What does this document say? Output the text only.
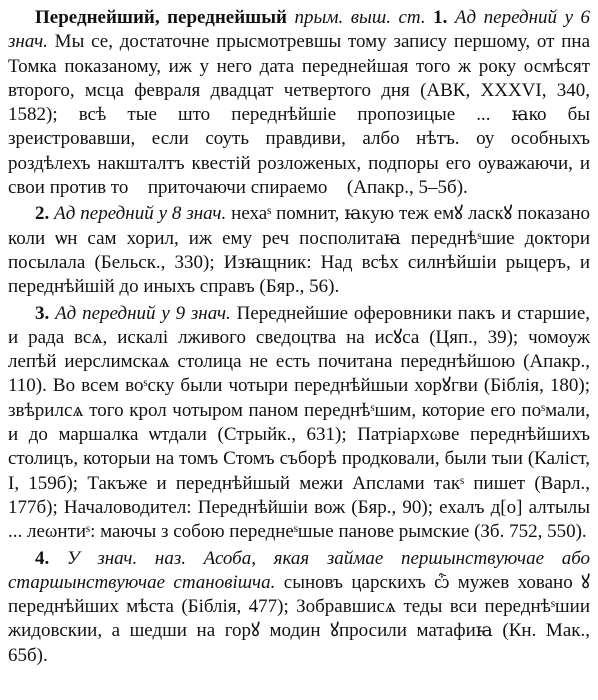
Переднейший, переднейшый прым. выш. ст. 1. Ад передний у 6 знач. Мы се, достаточне прысмотревшы тому запису першому, от пна Томка показаному, иж у него дата переднейшая того ж року осмѣсят второго, мсца февраля двадцат четвертого дня (АВК, XXXVI, 340, 1582); всѣ тые што переднѣйшіе пропозицые ... ꙗко бы зреистровавши, если соуть правдиви, албо нѣтъ. оу особныхъ роздѣлехъ накшталтъ квестій розложеных, подпоры его оуважаючи, и свои против тоⷨ приточаючи спираемоⷭ (Апакр., 5–5б).

2. Ад передний у 8 знач. нехаˢ помнит, ꙗкую теж емꙋ ласкꙋ показано коли ѡн сам хорил, иж ему реч посполитаꙗ переднѣˢшие доктори посылала (Бельск., 330); Изꙗщник: Над всѣх силнѣйшіи рыцеръ, и переднѣйшій до иныхъ справъ (Бяр., 56).

3. Ад передний у 9 знач. Переднейшие оферовники пакъ и старшие, и рада всѧ, искалі лживого сведоцтва на исꙋса (Цяп., 39); чомоуж лепѣй иерслимскаѧ столица не есть почитана переднѣйшою (Апакр., 110). Во всем воˢску были чотыри переднѣйшыи хорꙋгви (Біблія, 180); звѣрилсѧ того крол чотыром паном переднѣˢшим, которие его поˢмали, и до маршалка ѡтдали (Стрыйк., 631); Патріархωве переднѣйшихъ столицъ, которыи на томъ Стомъ съборѣ продковали, были тыи (Каліст, I, 159б); Такъже и переднѣйшый межи Апслами такˢ пишет (Варл., 177б); Началоводител: Переднѣйшіи вож (Бяр., 90); ехалъ д[о] алтылы ... леωнтиˢ: маючы з собою переднеˢшые панове рымские (Зб. 752, 550).

4. У знач. наз. Асоба, якая займае першынствуючае або старшынствуючае становішча. сыновъ царскихъ ѽ мужев ховано ꙋ переднѣйших мѣста (Біблія, 477); Зобравшисѧ теды вси переднѣˢшии жидовскии, а шедши на горꙋ модин ꙋпросили матафиꙗ (Кн. Мак., 65б).
